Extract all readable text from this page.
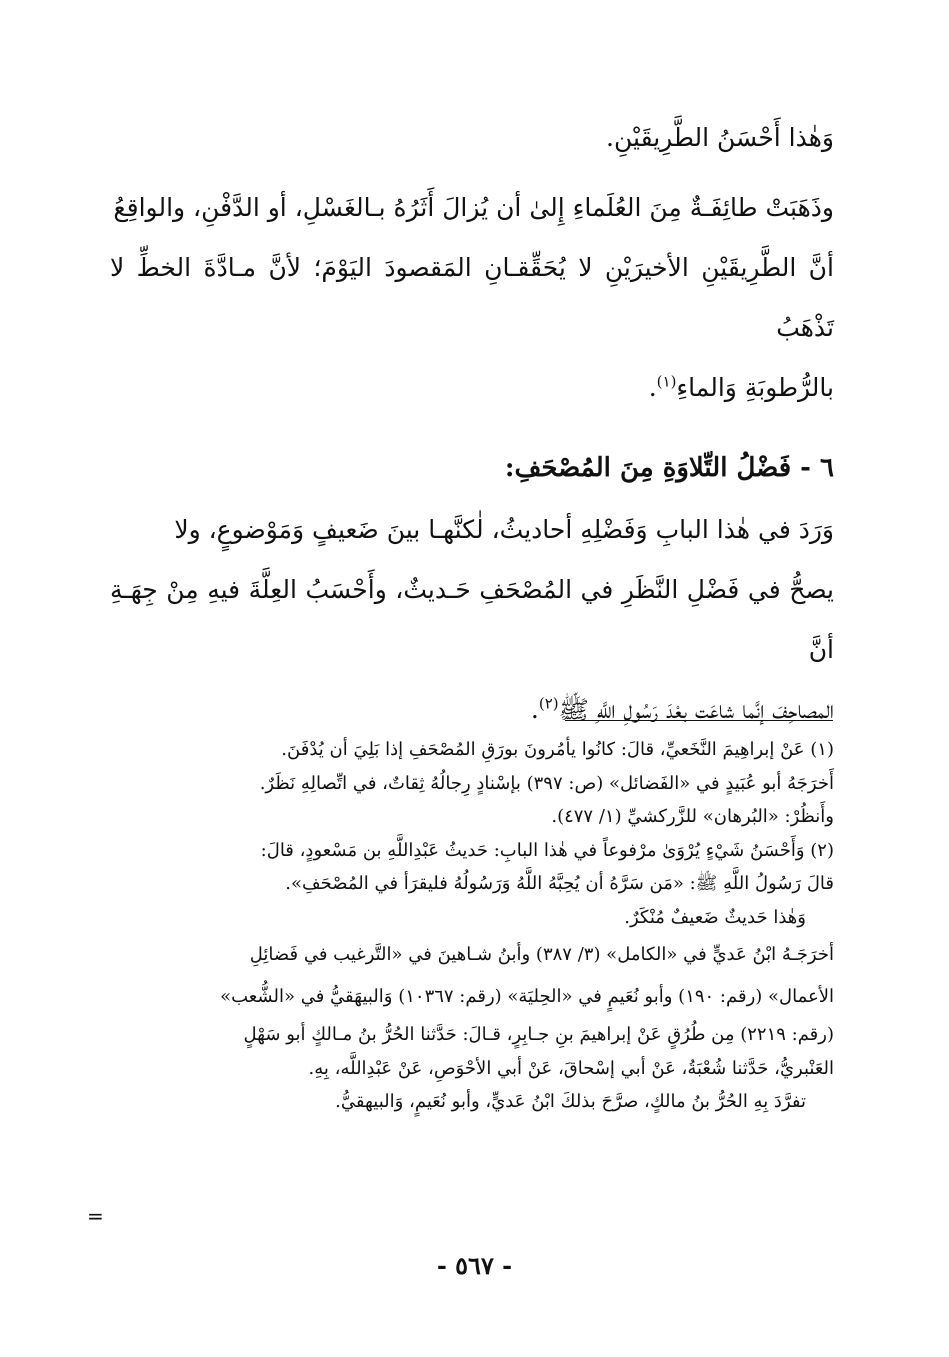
وَهٰذا أَحْسَنُ الطَّرِيقَيْنِ.
وذَهَبَتْ طائِفَـةٌ مِنَ العُلَماءِ إِلىٰ أن يُزالَ أَثَرُهُ بـالغَسْلِ، أو الدَّفْنِ، والواقِعُ
أنَّ الطَّرِيقَيْنِ الأخيرَيْنِ لا يُحَقِّقـانِ المَقصودَ اليَوْمَ؛ لأنَّ مـادَّةَ الخطِّ لا تَذْهَبُ
بالرُّطوبَةِ وَالماءِ$^{(١)}$.
٦ - فَضْلُ التِّلاوَةِ مِنَ المُصْحَفِ:
وَرَدَ في هٰذا البابِ وَفَضْلِهِ أحاديثُ، لٰكنَّهـا بينَ ضَعيفٍ وَمَوْضوعٍ، ولا
يصحُّ في فَضْلِ النَّظَرِ في المُصْحَفِ حَـديثٌ، وأَحْسَبُ العِلَّةَ فيهِ مِنْ جِهَـةِ أنَّ
المصاحِفَ إنَّما شاعَت بعْدَ رَسُولِ اللَّهِ ﷺ$^{(٢)}$.

(١) عَنْ إبراهِيمَ النَّخَعيِّ، قالَ: كانُوا يأمُرونَ بورَقِ المُصْحَفِ إذا بَلِيَ أن يُدْفَنَ.

أَخرَجَهُ أبو عُبَيدٍ في «الفَضائل» (ص: ٣٩٧) بإسْنادٍ رِجالُهُ ثِقاتٌ، في اتِّصالِهِ نَظَرٌ.

وأَنظُرْ: «البُرهان» للزَّركشيِّ (١/ ٤٧٧).

(٢) وَأَحْسَنُ شَيْءٍ يُرْوَىٰ مرْفوعاً في هٰذا البابِ: حَديثُ عَبْدِاللَّهِ بن مَسْعودٍ، قالَ:

قالَ رَسُولُ اللَّهِ ﷺ: «مَن سَرَّهُ أن يُحِبَّهُ اللَّهُ وَرَسُولُهُ فليقرَأ في المُصْحَفِ».

وَهٰذا حَديثٌ ضَعيفٌ مُنْكَرٌ.

أخرَجَـهُ ابْنُ عَديٍّ في «الكامل» (٣/ ٣٨٧) وأبنُ شـاهينَ في «التَّرغيب في فَضائِلِ

الأعمال» (رقم: ١٩٠) وأبو نُعَيمٍ في «الحِليَة» (رقم: ١٠٣٦٧) وَالبيهَقيُّ في «الشُّعب»

(رقم: ٢٢١٩) مِن طُرُقٍ عَنْ إبراهيمَ بنِ جـابِرٍ، قـالَ: حَدَّثنا الحُرُّ بنُ مـالكٍ أبو سَهْلٍ

العَنْبريُّ، حَدَّثنا شُعْبَةُ، عَنْ أبي إسْحاقَ، عَنْ أبي الأحْوَصِ، عَنْ عَبْدِاللَّه، بِهِ.

تفرَّدَ بِهِ الحُرُّ بنُ مالكٍ، صرَّحَ بذلكَ ابْنُ عَديٍّ، وأبو نُعَيمٍ، وَالبيهقيُّ.

=
- ٥٦٧ -
